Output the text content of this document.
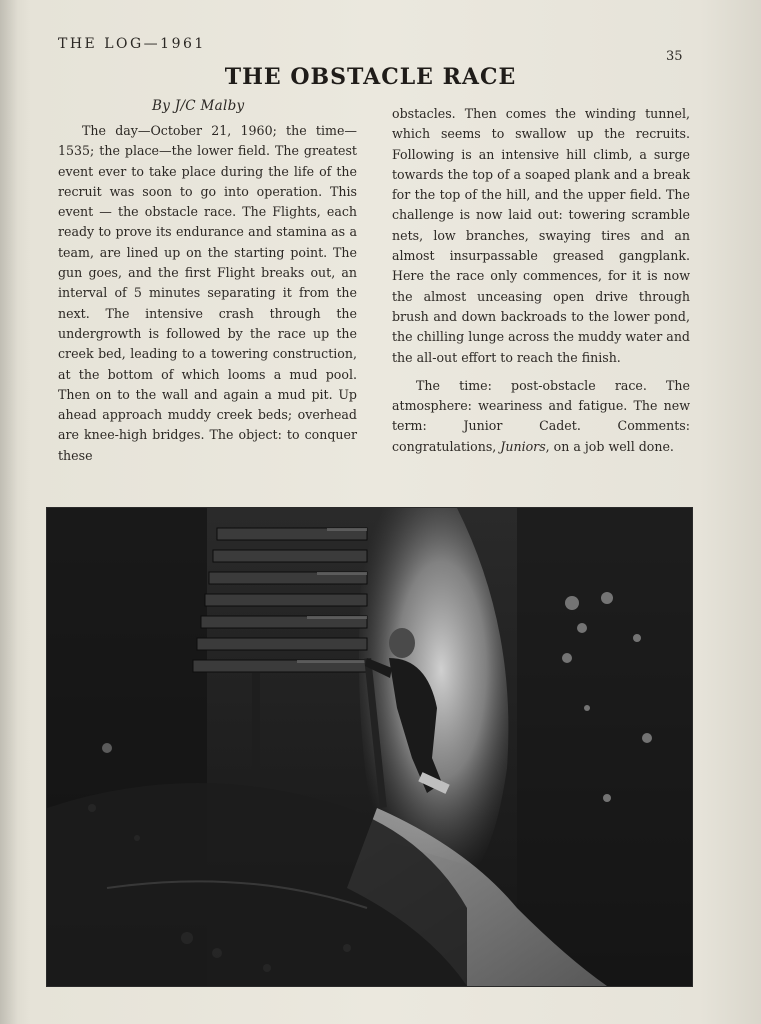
THE LOG—1961
35
THE OBSTACLE RACE
By J/C Malby

The day—October 21, 1960; the time—1535; the place—the lower field. The greatest event ever to take place during the life of the recruit was soon to go into operation. This event — the obstacle race. The Flights, each ready to prove its endurance and stamina as a team, are lined up on the starting point. The gun goes, and the first Flight breaks out, an interval of 5 minutes separating it from the next. The intensive crash through the undergrowth is followed by the race up the creek bed, leading to a towering construction, at the bottom of which looms a mud pool. Then on to the wall and again a mud pit. Up ahead approach muddy creek beds; overhead are knee-high bridges. The object: to conquer these

obstacles. Then comes the winding tunnel, which seems to swallow up the recruits. Following is an intensive hill climb, a surge towards the top of a soaped plank and a break for the top of the hill, and the upper field. The challenge is now laid out: towering scramble nets, low branches, swaying tires and an almost insurpassable greased gangplank. Here the race only commences, for it is now the almost unceasing open drive through brush and down backroads to the lower pond, the chilling lunge across the muddy water and the all-out effort to reach the finish.

The time: post-obstacle race. The atmosphere: weariness and fatigue. The new term: Junior Cadet. Comments: congratulations, Juniors, on a job well done.
